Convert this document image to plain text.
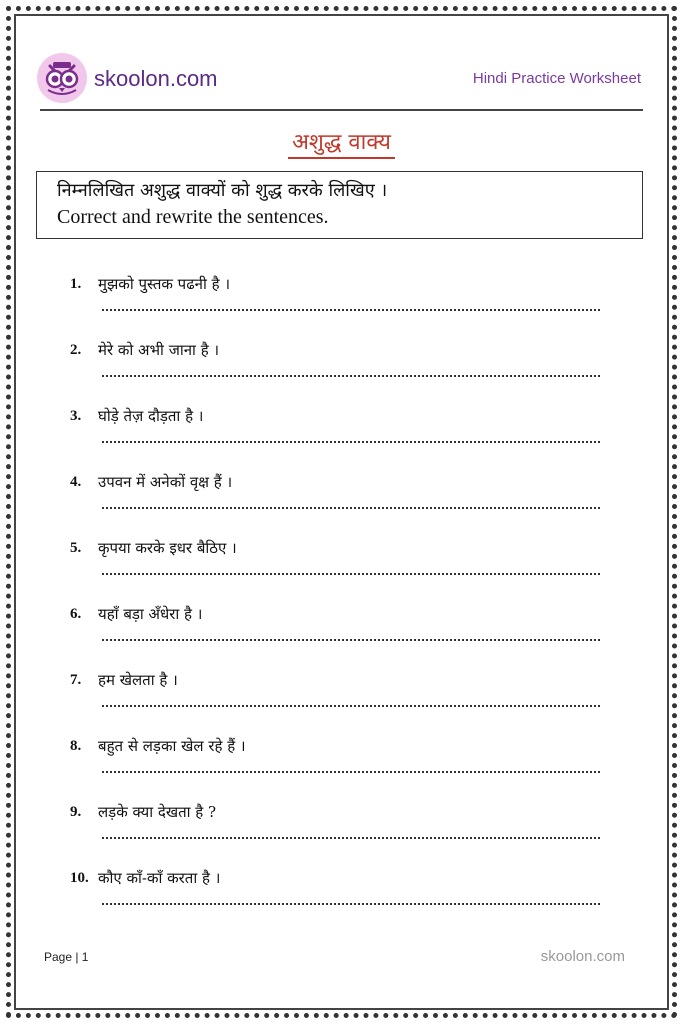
skoolon.com	Hindi Practice Worksheet
अशुद्ध वाक्य
निम्नलिखित अशुद्ध वाक्यों को शुद्ध करके लिखिए ।
Correct and rewrite the sentences.
1.	मुझको पुस्तक पढनी है ।
2.	मेरे को अभी जाना है ।
3.	घोड़े तेज़ दौड़ता है ।
4.	उपवन में अनेकों वृक्ष हैं ।
5.	कृपया करके इधर बैठिए ।
6.	यहाँ बड़ा अँधेरा है ।
7.	हम खेलता है ।
8.	बहुत से लड़का खेल रहे हैं ।
9.	लड़के क्या देखता है ?
10. कौए काँ-काँ करता है ।
Page | 1	skoolon.com
